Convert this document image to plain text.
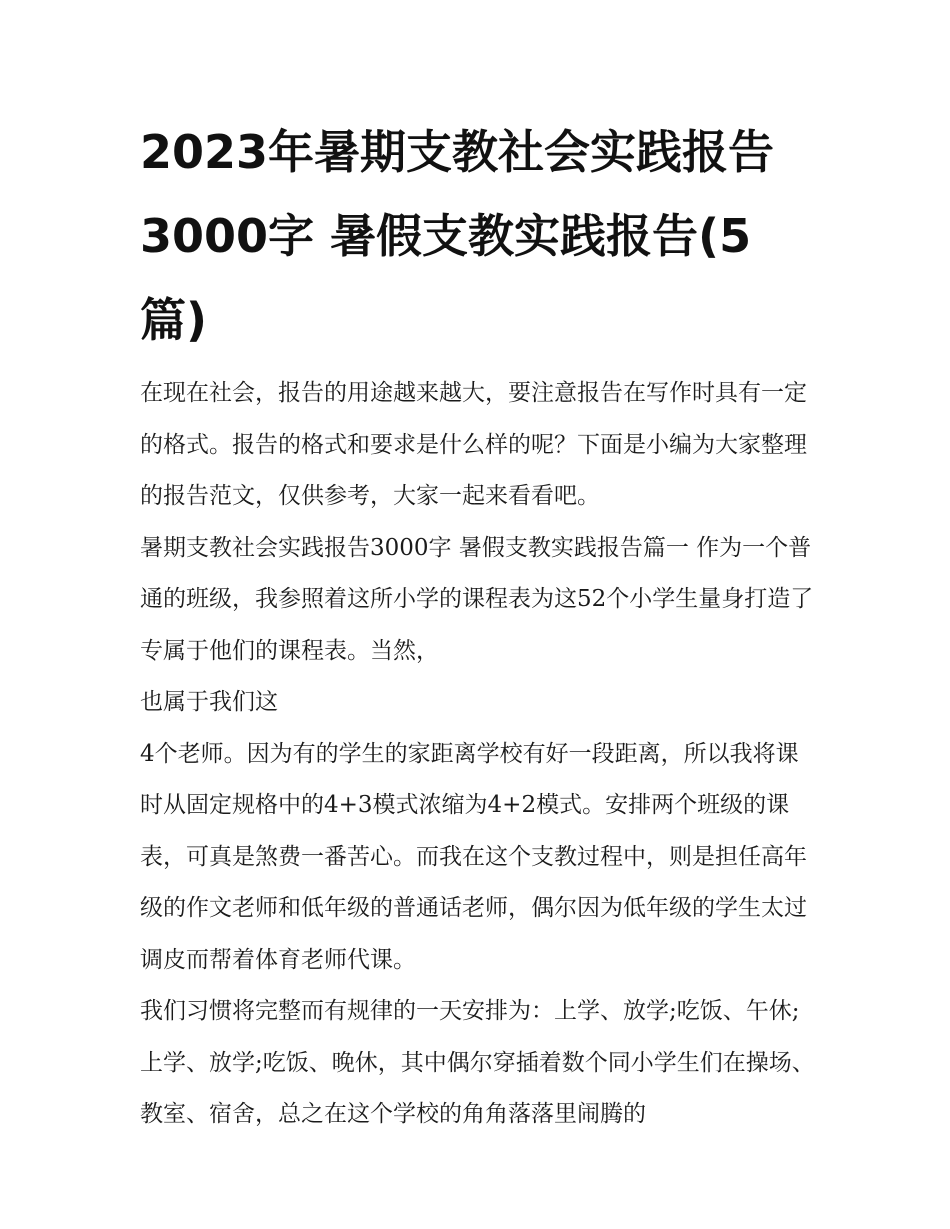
2023年暑期支教社会实践报告3000字 暑假支教实践报告(5篇)

在现在社会，报告的用途越来越大，要注意报告在写作时具有一定的格式。报告的格式和要求是什么样的呢？下面是小编为大家整理的报告范文，仅供参考，大家一起来看看吧。

暑期支教社会实践报告3000字 暑假支教实践报告篇一 作为一个普通的班级，我参照着这所小学的课程表为这52个小学生量身打造了专属于他们的课程表。当然，

也属于我们这

4个老师。因为有的学生的家距离学校有好一段距离，所以我将课时从固定规格中的4+3模式浓缩为4+2模式。安排两个班级的课表，可真是煞费一番苦心。而我在这个支教过程中，则是担任高年级的作文老师和低年级的普通话老师，偶尔因为低年级的学生太过调皮而帮着体育老师代课。

我们习惯将完整而有规律的一天安排为：上学、放学;吃饭、午休;上学、放学;吃饭、晚休，其中偶尔穿插着数个同小学生们在操场、教室、宿舍，总之在这个学校的角角落落里闹腾的
